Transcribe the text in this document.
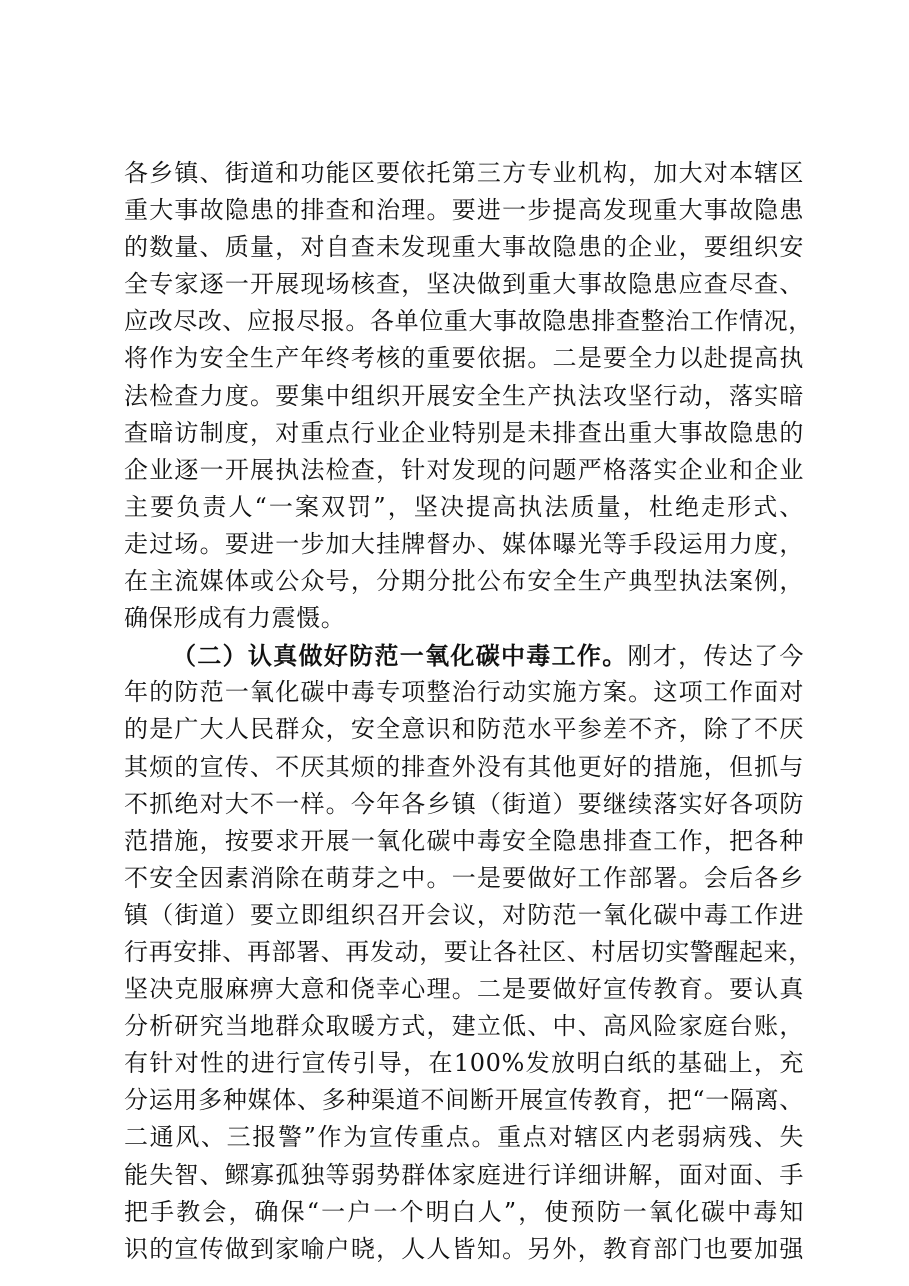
各乡镇、街道和功能区要依托第三方专业机构，加大对本辖区
重大事故隐患的排查和治理。要进一步提高发现重大事故隐患
的数量、质量，对自查未发现重大事故隐患的企业，要组织安
全专家逐一开展现场核查，坚决做到重大事故隐患应查尽查、
应改尽改、应报尽报。各单位重大事故隐患排查整治工作情况，
将作为安全生产年终考核的重要依据。二是要全力以赴提高执
法检查力度。要集中组织开展安全生产执法攻坚行动，落实暗
查暗访制度，对重点行业企业特别是未排查出重大事故隐患的
企业逐一开展执法检查，针对发现的问题严格落实企业和企业
主要负责人“一案双罚”，坚决提高执法质量，杜绝走形式、
走过场。要进一步加大挂牌督办、媒体曝光等手段运用力度，
在主流媒体或公众号，分期分批公布安全生产典型执法案例，
确保形成有力震慑。
（二）认真做好防范一氧化碳中毒工作。刚才，传达了今
年的防范一氧化碳中毒专项整治行动实施方案。这项工作面对
的是广大人民群众，安全意识和防范水平参差不齐，除了不厌
其烦的宣传、不厌其烦的排查外没有其他更好的措施，但抓与
不抓绝对大不一样。今年各乡镇（街道）要继续落实好各项防
范措施，按要求开展一氧化碳中毒安全隐患排查工作，把各种
不安全因素消除在萌芽之中。一是要做好工作部署。会后各乡
镇（街道）要立即组织召开会议，对防范一氧化碳中毒工作进
行再安排、再部署、再发动，要让各社区、村居切实警醒起来，
坚决克服麻痹大意和侥幸心理。二是要做好宣传教育。要认真
分析研究当地群众取暖方式，建立低、中、高风险家庭台账，
有针对性的进行宣传引导，在100%发放明白纸的基础上，充
分运用多种媒体、多种渠道不间断开展宣传教育，把“一隔离、
二通风、三报警”作为宣传重点。重点对辖区内老弱病残、失
能失智、鳏寡孤独等弱势群体家庭进行详细讲解，面对面、手
把手教会，确保“一户一个明白人”，使预防一氧化碳中毒知
识的宣传做到家喻户晓，人人皆知。另外，教育部门也要加强
